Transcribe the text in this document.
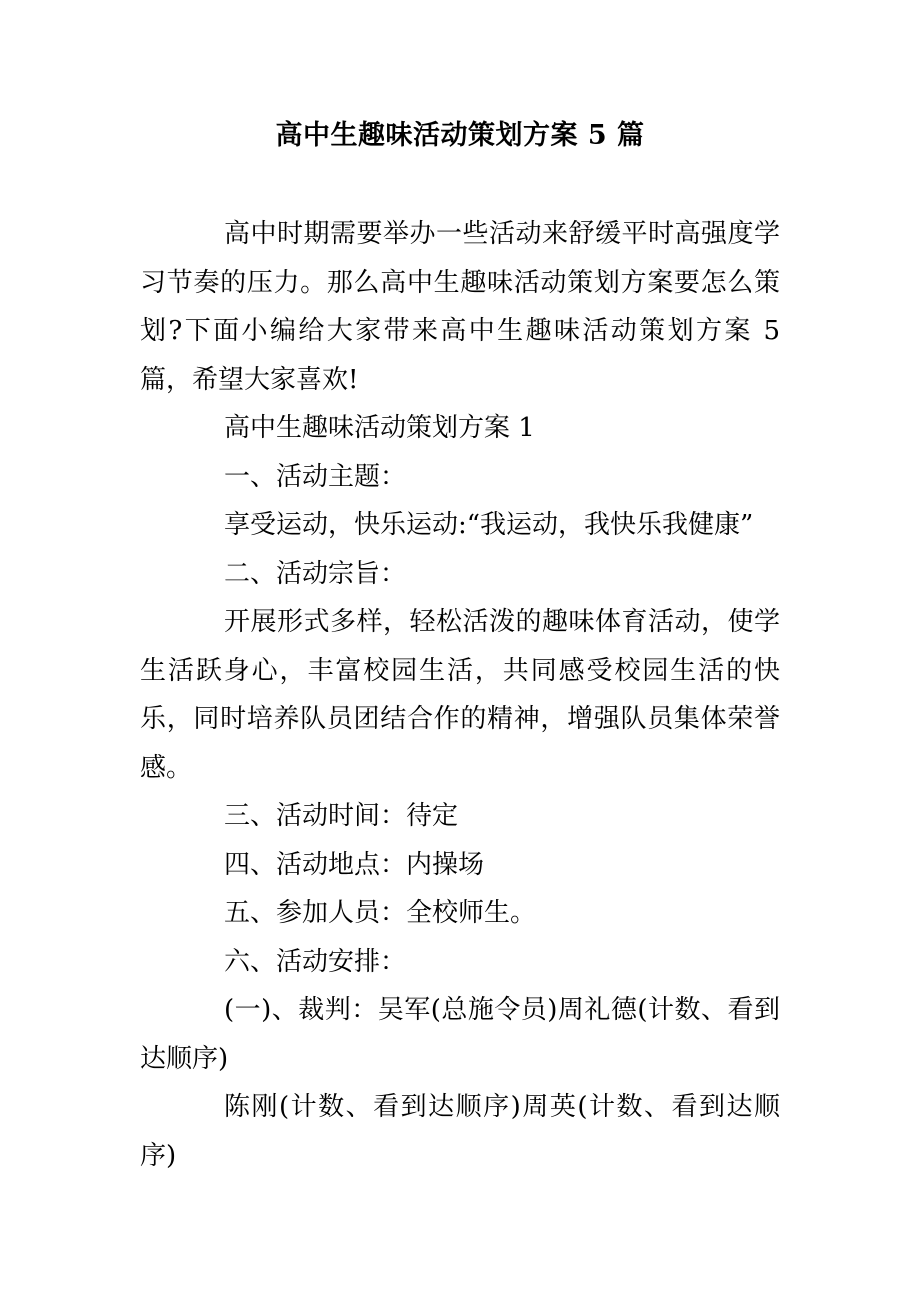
高中生趣味活动策划方案 5 篇

高中时期需要举办一些活动来舒缓平时高强度学习节奏的压力。那么高中生趣味活动策划方案要怎么策划?下面小编给大家带来高中生趣味活动策划方案 5 篇，希望大家喜欢!

高中生趣味活动策划方案 1

一、活动主题：

享受运动，快乐运动:“我运动，我快乐我健康”

二、活动宗旨：

开展形式多样，轻松活泼的趣味体育活动，使学生活跃身心，丰富校园生活，共同感受校园生活的快乐，同时培养队员团结合作的精神，增强队员集体荣誉感。

三、活动时间：待定

四、活动地点：内操场

五、参加人员：全校师生。

六、活动安排：

(一)、裁判：吴军(总施令员)周礼德(计数、看到达顺序)

陈刚(计数、看到达顺序)周英(计数、看到达顺序)
